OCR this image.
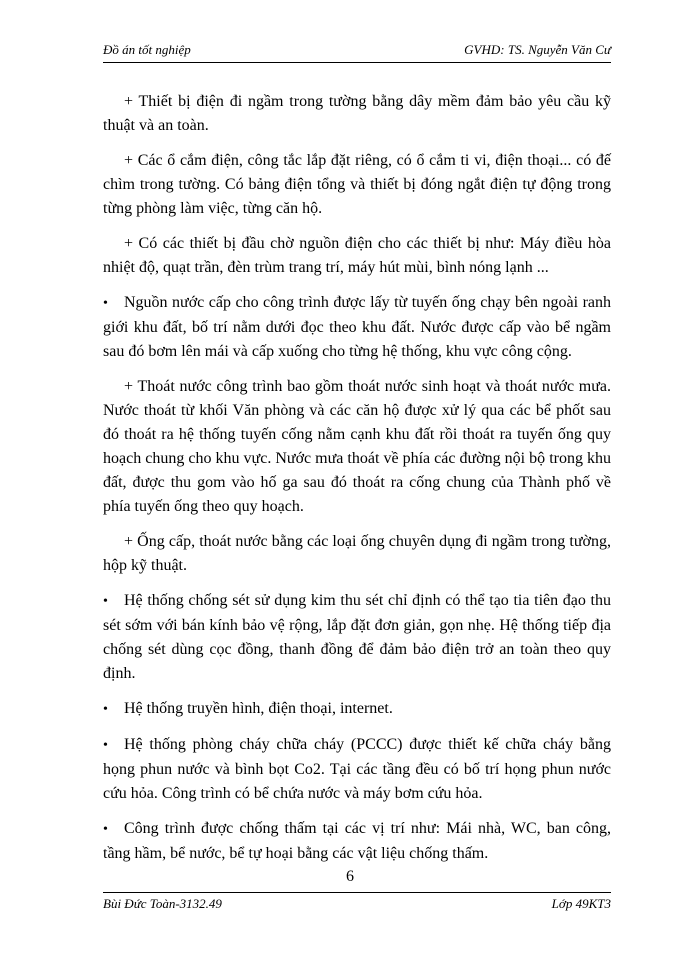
Đồ án tốt nghiệp	GVHD: TS. Nguyễn Văn Cư

+ Thiết bị điện đi ngầm trong tường bằng dây mềm đảm bảo yêu cầu kỹ thuật và an toàn.

+ Các ổ cắm điện, công tắc lắp đặt riêng, có ổ cắm ti vi, điện thoại... có đế chìm trong tường. Có bảng điện tổng và thiết bị đóng ngắt điện tự động trong từng phòng làm việc, từng căn hộ.

+ Có các thiết bị đầu chờ nguồn điện cho các thiết bị như: Máy điều hòa nhiệt độ, quạt trần, đèn trùm trang trí, máy hút mùi, bình nóng lạnh ...

• Nguồn nước cấp cho công trình được lấy từ tuyến ống chạy bên ngoài ranh giới khu đất, bố trí nằm dưới đọc theo khu đất. Nước được cấp vào bể ngầm sau đó bơm lên mái và cấp xuống cho từng hệ thống, khu vực công cộng.

+ Thoát nước công trình bao gồm thoát nước sinh hoạt và thoát nước mưa. Nước thoát từ khối Văn phòng và các căn hộ được xử lý qua các bể phốt sau đó thoát ra hệ thống tuyến cống nằm cạnh khu đất rồi thoát ra tuyến ống quy hoạch chung cho khu vực. Nước mưa thoát về phía các đường nội bộ trong khu đất, được thu gom vào hố ga sau đó thoát ra cống chung của Thành phố về phía tuyến ống theo quy hoạch.

+ Ống cấp, thoát nước bằng các loại ống chuyên dụng đi ngầm trong tường, hộp kỹ thuật.

• Hệ thống chống sét sử dụng kim thu sét chỉ định có thể tạo tia tiên đạo thu sét sớm với bán kính bảo vệ rộng, lắp đặt đơn giản, gọn nhẹ. Hệ thống tiếp địa chống sét dùng cọc đồng, thanh đồng để đảm bảo điện trở an toàn theo quy định.

• Hệ thống truyền hình, điện thoại, internet.

• Hệ thống phòng cháy chữa cháy (PCCC) được thiết kế chữa cháy bằng họng phun nước và bình bọt Co2. Tại các tầng đều có bố trí họng phun nước cứu hỏa. Công trình có bể chứa nước và máy bơm cứu hỏa.

• Công trình được chống thấm tại các vị trí như: Mái nhà, WC, ban công, tầng hầm, bể nước, bể tự hoại bằng các vật liệu chống thấm.

6
Bùi Đức Toàn-3132.49	Lớp 49KT3
